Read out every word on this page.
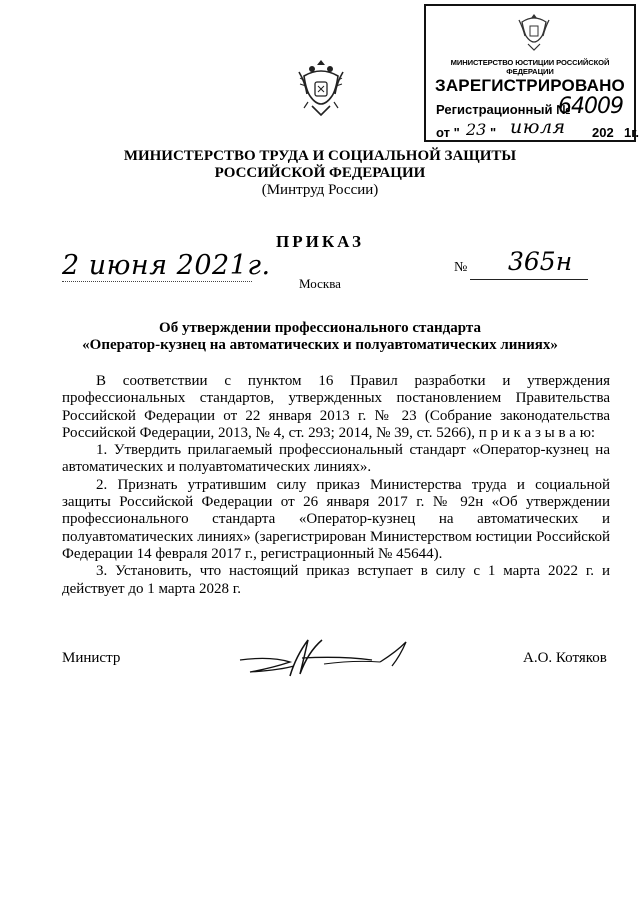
МИНИСТЕРСТВО ЮСТИЦИИ РОССИЙСКОЙ ФЕДЕРАЦИИ
ЗАРЕГИСТРИРОВАНО
Регистрационный №
64009
от " 23 " июля 202 1г.
МИНИСТЕРСТВО ТРУДА И СОЦИАЛЬНОЙ ЗАЩИТЫ
РОССИЙСКОЙ ФЕДЕРАЦИИ
(Минтруд России)
ПРИКАЗ
2 июня 2021г.	№ 365н
Москва
Об утверждении профессионального стандарта
«Оператор-кузнец на автоматических и полуавтоматических линиях»

В соответствии с пунктом 16 Правил разработки и утверждения профессиональных стандартов, утвержденных постановлением Правительства Российской Федерации от 22 января 2013 г. № 23 (Собрание законодательства Российской Федерации, 2013, № 4, ст. 293; 2014, № 39, ст. 5266), п р и к а з ы в а ю:

1. Утвердить прилагаемый профессиональный стандарт «Оператор-кузнец на автоматических и полуавтоматических линиях».

2. Признать утратившим силу приказ Министерства труда и социальной защиты Российской Федерации от 26 января 2017 г. № 92н «Об утверждении профессионального стандарта «Оператор-кузнец на автоматических и полуавтоматических линиях» (зарегистрирован Министерством юстиции Российской Федерации 14 февраля 2017 г., регистрационный № 45644).

3. Установить, что настоящий приказ вступает в силу с 1 марта 2022 г. и действует до 1 марта 2028 г.

Министр	А.О. Котяков
